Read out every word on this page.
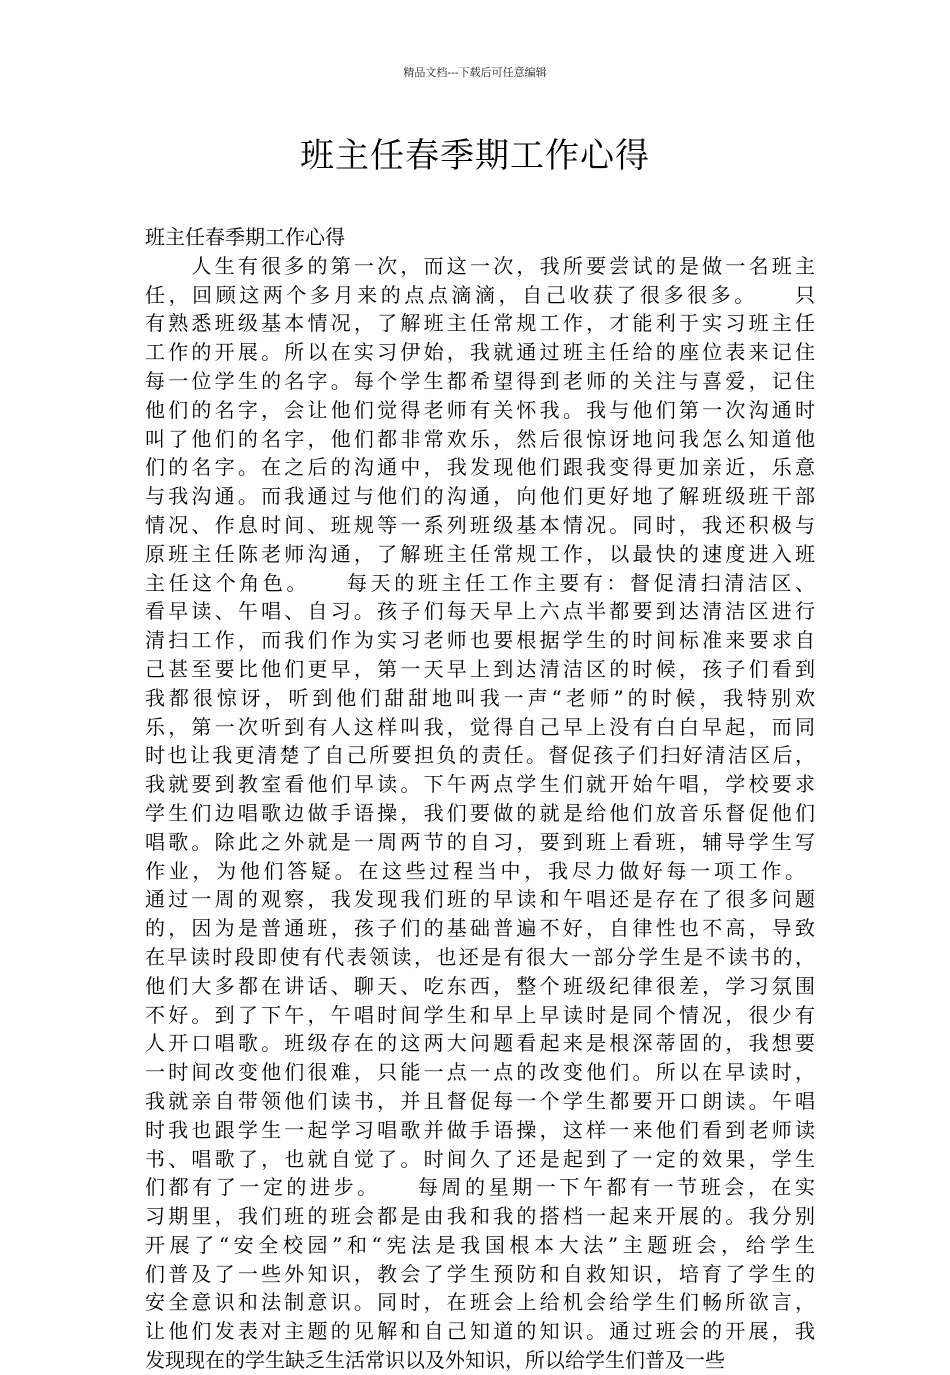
精品文档---下载后可任意编辑
班主任春季期工作心得
班主任春季期工作心得
　　人生有很多的第一次，而这一次，我所要尝试的是做一名班主
任，回顾这两个多月来的点点滴滴，自己收获了很多很多。　　只
有熟悉班级基本情况，了解班主任常规工作，才能利于实习班主任
工作的开展。所以在实习伊始，我就通过班主任给的座位表来记住
每一位学生的名字。每个学生都希望得到老师的关注与喜爱，记住
他们的名字，会让他们觉得老师有关怀我。我与他们第一次沟通时
叫了他们的名字，他们都非常欢乐，然后很惊讶地问我怎么知道他
们的名字。在之后的沟通中，我发现他们跟我变得更加亲近，乐意
与我沟通。而我通过与他们的沟通，向他们更好地了解班级班干部
情况、作息时间、班规等一系列班级基本情况。同时，我还积极与
原班主任陈老师沟通，了解班主任常规工作，以最快的速度进入班
主任这个角色。　　每天的班主任工作主要有：督促清扫清洁区、
看早读、午唱、自习。孩子们每天早上六点半都要到达清洁区进行
清扫工作，而我们作为实习老师也要根据学生的时间标准来要求自
己甚至要比他们更早，第一天早上到达清洁区的时候，孩子们看到
我都很惊讶，听到他们甜甜地叫我一声“老师”的时候，我特别欢
乐，第一次听到有人这样叫我，觉得自己早上没有白白早起，而同
时也让我更清楚了自己所要担负的责任。督促孩子们扫好清洁区后，
我就要到教室看他们早读。下午两点学生们就开始午唱，学校要求
学生们边唱歌边做手语操，我们要做的就是给他们放音乐督促他们
唱歌。除此之外就是一周两节的自习，要到班上看班，辅导学生写
作业，为他们答疑。在这些过程当中，我尽力做好每一项工作。　
通过一周的观察，我发现我们班的早读和午唱还是存在了很多问题
的，因为是普通班，孩子们的基础普遍不好，自律性也不高，导致
在早读时段即使有代表领读，也还是有很大一部分学生是不读书的，
他们大多都在讲话、聊天、吃东西，整个班级纪律很差，学习氛围
不好。到了下午，午唱时间学生和早上早读时是同个情况，很少有
人开口唱歌。班级存在的这两大问题看起来是根深蒂固的，我想要
一时间改变他们很难，只能一点一点的改变他们。所以在早读时，
我就亲自带领他们读书，并且督促每一个学生都要开口朗读。午唱
时我也跟学生一起学习唱歌并做手语操，这样一来他们看到老师读
书、唱歌了，也就自觉了。时间久了还是起到了一定的效果，学生
们都有了一定的进步。　　每周的星期一下午都有一节班会，在实
习期里，我们班的班会都是由我和我的搭档一起来开展的。我分别
开展了“安全校园”和“宪法是我国根本大法”主题班会，给学生
们普及了一些外知识，教会了学生预防和自救知识，培育了学生的
安全意识和法制意识。同时，在班会上给机会给学生们畅所欲言，
让他们发表对主题的见解和自己知道的知识。通过班会的开展，我
发现现在的学生缺乏生活常识以及外知识，所以给学生们普及一些
